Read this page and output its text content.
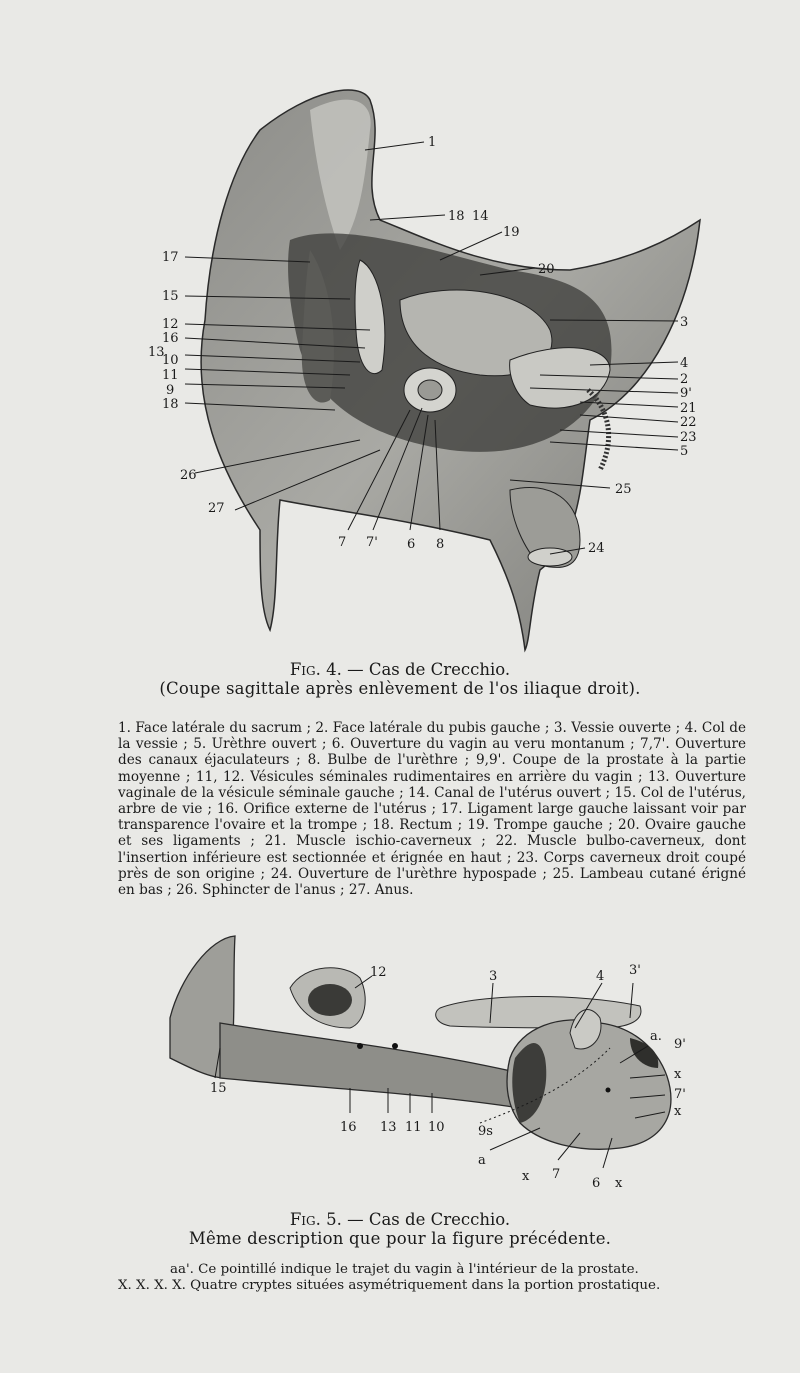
1
18 14
19
20
17
15
12
16
13
10
11
9
18
26
27
7 7' 6 8
3
4
2
9'
21
22
23
5
25
24
Fig. 4. — Cas de Crecchio.
(Coupe sagittale après enlèvement de l'os iliaque droit).
1. Face latérale du sacrum ; 2. Face latérale du pubis gauche ; 3. Vessie ouverte ; 4. Col de la vessie ; 5. Urèthre ouvert ; 6. Ouverture du vagin au veru montanum ; 7,7'. Ouverture des canaux éjaculateurs ; 8. Bulbe de l'urèthre ; 9,9'. Coupe de la prostate à la partie moyenne ; 11, 12. Vésicules séminales rudimentaires en arrière du vagin ; 13. Ouverture vaginale de la vésicule séminale gauche ; 14. Canal de l'utérus ouvert ; 15. Col de l'utérus, arbre de vie ; 16. Orifice externe de l'utérus ; 17. Ligament large gauche laissant voir par transparence l'ovaire et la trompe ; 18. Rectum ; 19. Trompe gauche ; 20. Ovaire gauche et ses ligaments ; 21. Muscle ischio-caverneux ; 22. Muscle bulbo-caverneux, dont l'insertion inférieure est sectionnée et érignée en haut ; 23. Corps caverneux droit coupé près de son origine ; 24. Ouverture de l'urèthre hypospade ; 25. Lambeau cutané érigné en bas ; 26. Sphincter de l'anus ; 27. Anus.
12	3	4 3'
a.
9'
x
7'
x
15
16 13 11 10	9s
a
x 7
6 x
Fig. 5. — Cas de Crecchio.
Même description que pour la figure précédente.
aa'. Ce pointillé indique le trajet du vagin à l'intérieur de la prostate.
X. X. X. X. Quatre cryptes situées asymétriquement dans la portion prostatique.
